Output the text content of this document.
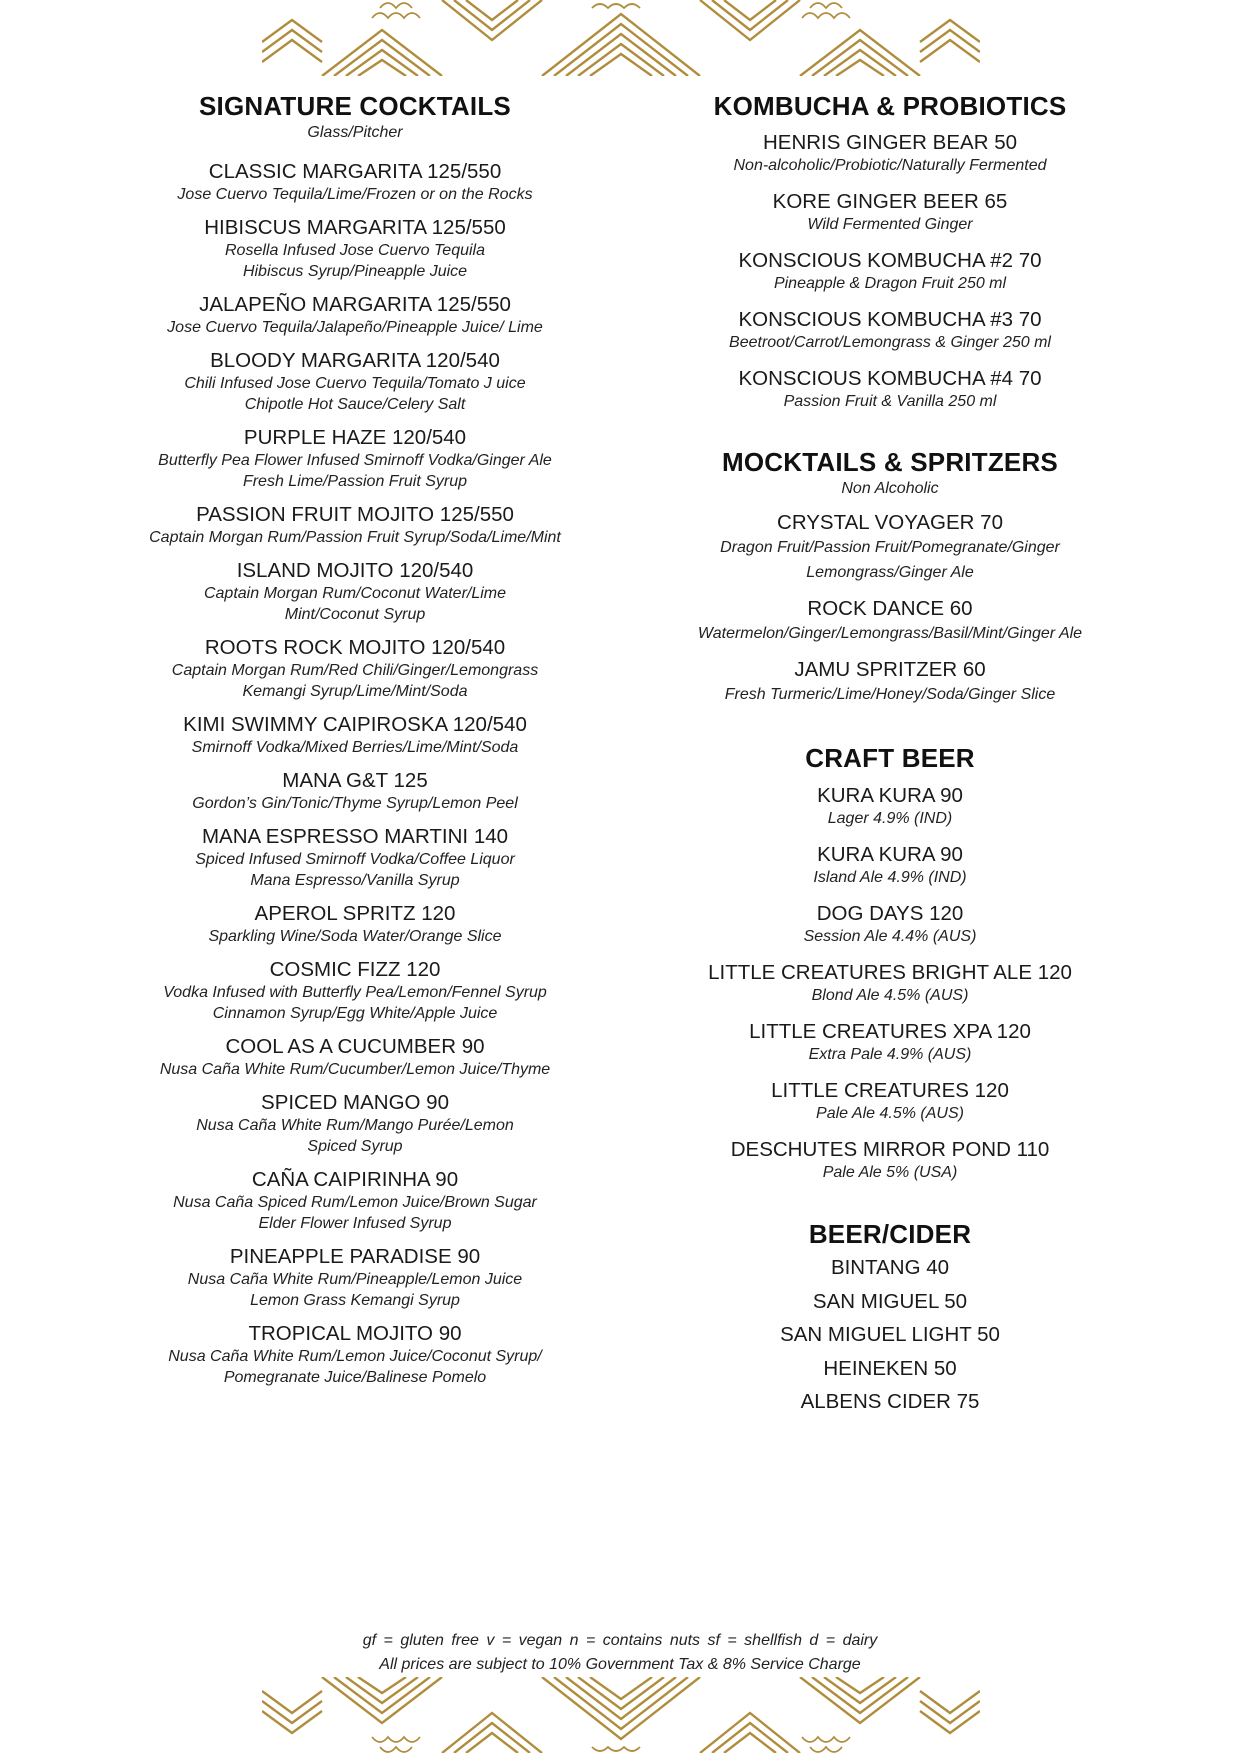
SIGNATURE COCKTAILS
Glass/Pitcher
CLASSIC MARGARITA 125/550
Jose Cuervo Tequila/Lime/Frozen or on the Rocks
HIBISCUS MARGARITA 125/550
Rosella Infused Jose Cuervo Tequila
Hibiscus Syrup/Pineapple Juice
JALAPEÑO MARGARITA 125/550
Jose Cuervo Tequila/Jalapeño/Pineapple Juice/ Lime
BLOODY MARGARITA 120/540
Chili Infused Jose Cuervo Tequila/Tomato J uice
Chipotle Hot Sauce/Celery Salt
PURPLE HAZE 120/540
Butterfly Pea Flower Infused Smirnoff Vodka/Ginger Ale
Fresh Lime/Passion Fruit Syrup
PASSION FRUIT MOJITO 125/550
Captain Morgan Rum/Passion Fruit Syrup/Soda/Lime/Mint
ISLAND MOJITO 120/540
Captain Morgan Rum/Coconut Water/Lime
Mint/Coconut Syrup
ROOTS ROCK MOJITO 120/540
Captain Morgan Rum/Red Chili/Ginger/Lemongrass
Kemangi Syrup/Lime/Mint/Soda
KIMI SWIMMY CAIPIROSKA 120/540
Smirnoff Vodka/Mixed Berries/Lime/Mint/Soda
MANA G&T 125
Gordon’s Gin/Tonic/Thyme Syrup/Lemon Peel
MANA ESPRESSO MARTINI 140
Spiced Infused Smirnoff Vodka/Coffee Liquor
Mana Espresso/Vanilla Syrup
APEROL SPRITZ 120
Sparkling Wine/Soda Water/Orange Slice
COSMIC FIZZ 120
Vodka Infused with Butterfly Pea/Lemon/Fennel Syrup
Cinnamon Syrup/Egg White/Apple Juice
COOL AS A CUCUMBER 90
Nusa Caña White Rum/Cucumber/Lemon Juice/Thyme
SPICED MANGO 90
Nusa Caña White Rum/Mango Purée/Lemon
Spiced Syrup
CAÑA CAIPIRINHA 90
Nusa Caña Spiced Rum/Lemon Juice/Brown Sugar
Elder Flower Infused Syrup
PINEAPPLE PARADISE 90
Nusa Caña White Rum/Pineapple/Lemon Juice
Lemon Grass Kemangi Syrup
TROPICAL MOJITO 90
Nusa Caña White Rum/Lemon Juice/Coconut Syrup/
Pomegranate Juice/Balinese Pomelo
KOMBUCHA & PROBIOTICS
HENRIS GINGER BEAR 50
Non-alcoholic/Probiotic/Naturally Fermented
KORE GINGER BEER 65
Wild Fermented Ginger
KONSCIOUS KOMBUCHA #2 70
Pineapple & Dragon Fruit 250 ml
KONSCIOUS KOMBUCHA #3 70
Beetroot/Carrot/Lemongrass & Ginger 250 ml
KONSCIOUS KOMBUCHA #4 70
Passion Fruit & Vanilla 250 ml
MOCKTAILS & SPRITZERS
Non Alcoholic
CRYSTAL VOYAGER 70
Dragon Fruit/Passion Fruit/Pomegranate/Ginger
Lemongrass/Ginger Ale
ROCK DANCE 60
Watermelon/Ginger/Lemongrass/Basil/Mint/Ginger Ale
JAMU SPRITZER 60
Fresh Turmeric/Lime/Honey/Soda/Ginger Slice
CRAFT BEER
KURA KURA 90
Lager 4.9% (IND)
KURA KURA 90
Island Ale 4.9% (IND)
DOG DAYS 120
Session Ale 4.4% (AUS)
LITTLE CREATURES BRIGHT ALE 120
Blond Ale 4.5% (AUS)
LITTLE CREATURES XPA 120
Extra Pale 4.9% (AUS)
LITTLE CREATURES 120
Pale Ale 4.5% (AUS)
DESCHUTES MIRROR POND 110
Pale Ale 5% (USA)
BEER/CIDER
BINTANG 40
SAN MIGUEL 50
SAN MIGUEL LIGHT 50
HEINEKEN 50
ALBENS CIDER 75
gf = gluten free v = vegan n = contains nuts sf = shellfish d = dairy
All prices are subject to 10% Government Tax & 8% Service Charge
